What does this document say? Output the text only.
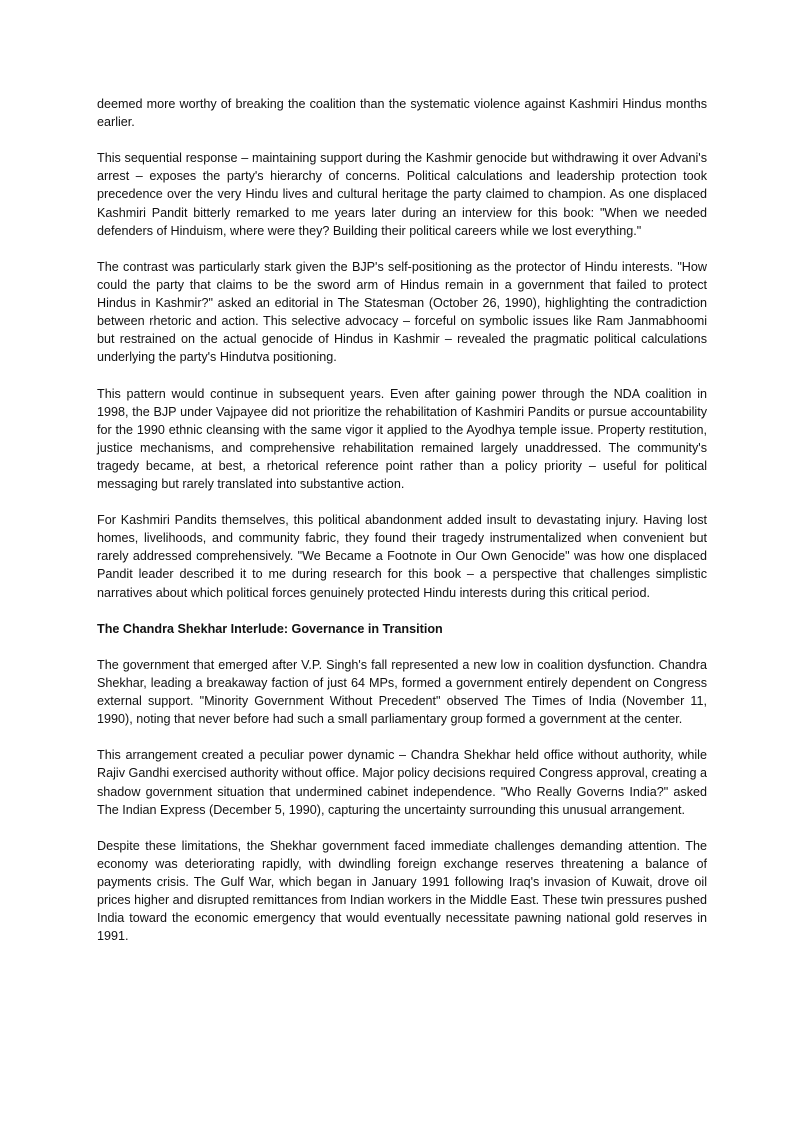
deemed more worthy of breaking the coalition than the systematic violence against Kashmiri Hindus months earlier.

This sequential response – maintaining support during the Kashmir genocide but withdrawing it over Advani's arrest – exposes the party's hierarchy of concerns. Political calculations and leadership protection took precedence over the very Hindu lives and cultural heritage the party claimed to champion. As one displaced Kashmiri Pandit bitterly remarked to me years later during an interview for this book: "When we needed defenders of Hinduism, where were they? Building their political careers while we lost everything."

The contrast was particularly stark given the BJP's self-positioning as the protector of Hindu interests. "How could the party that claims to be the sword arm of Hindus remain in a government that failed to protect Hindus in Kashmir?" asked an editorial in The Statesman (October 26, 1990), highlighting the contradiction between rhetoric and action. This selective advocacy – forceful on symbolic issues like Ram Janmabhoomi but restrained on the actual genocide of Hindus in Kashmir – revealed the pragmatic political calculations underlying the party's Hindutva positioning.

This pattern would continue in subsequent years. Even after gaining power through the NDA coalition in 1998, the BJP under Vajpayee did not prioritize the rehabilitation of Kashmiri Pandits or pursue accountability for the 1990 ethnic cleansing with the same vigor it applied to the Ayodhya temple issue. Property restitution, justice mechanisms, and comprehensive rehabilitation remained largely unaddressed. The community's tragedy became, at best, a rhetorical reference point rather than a policy priority – useful for political messaging but rarely translated into substantive action.

For Kashmiri Pandits themselves, this political abandonment added insult to devastating injury. Having lost homes, livelihoods, and community fabric, they found their tragedy instrumentalized when convenient but rarely addressed comprehensively. "We Became a Footnote in Our Own Genocide" was how one displaced Pandit leader described it to me during research for this book – a perspective that challenges simplistic narratives about which political forces genuinely protected Hindu interests during this critical period.

The Chandra Shekhar Interlude: Governance in Transition

The government that emerged after V.P. Singh's fall represented a new low in coalition dysfunction. Chandra Shekhar, leading a breakaway faction of just 64 MPs, formed a government entirely dependent on Congress external support. "Minority Government Without Precedent" observed The Times of India (November 11, 1990), noting that never before had such a small parliamentary group formed a government at the center.

This arrangement created a peculiar power dynamic – Chandra Shekhar held office without authority, while Rajiv Gandhi exercised authority without office. Major policy decisions required Congress approval, creating a shadow government situation that undermined cabinet independence. "Who Really Governs India?" asked The Indian Express (December 5, 1990), capturing the uncertainty surrounding this unusual arrangement.

Despite these limitations, the Shekhar government faced immediate challenges demanding attention. The economy was deteriorating rapidly, with dwindling foreign exchange reserves threatening a balance of payments crisis. The Gulf War, which began in January 1991 following Iraq's invasion of Kuwait, drove oil prices higher and disrupted remittances from Indian workers in the Middle East. These twin pressures pushed India toward the economic emergency that would eventually necessitate pawning national gold reserves in 1991.
